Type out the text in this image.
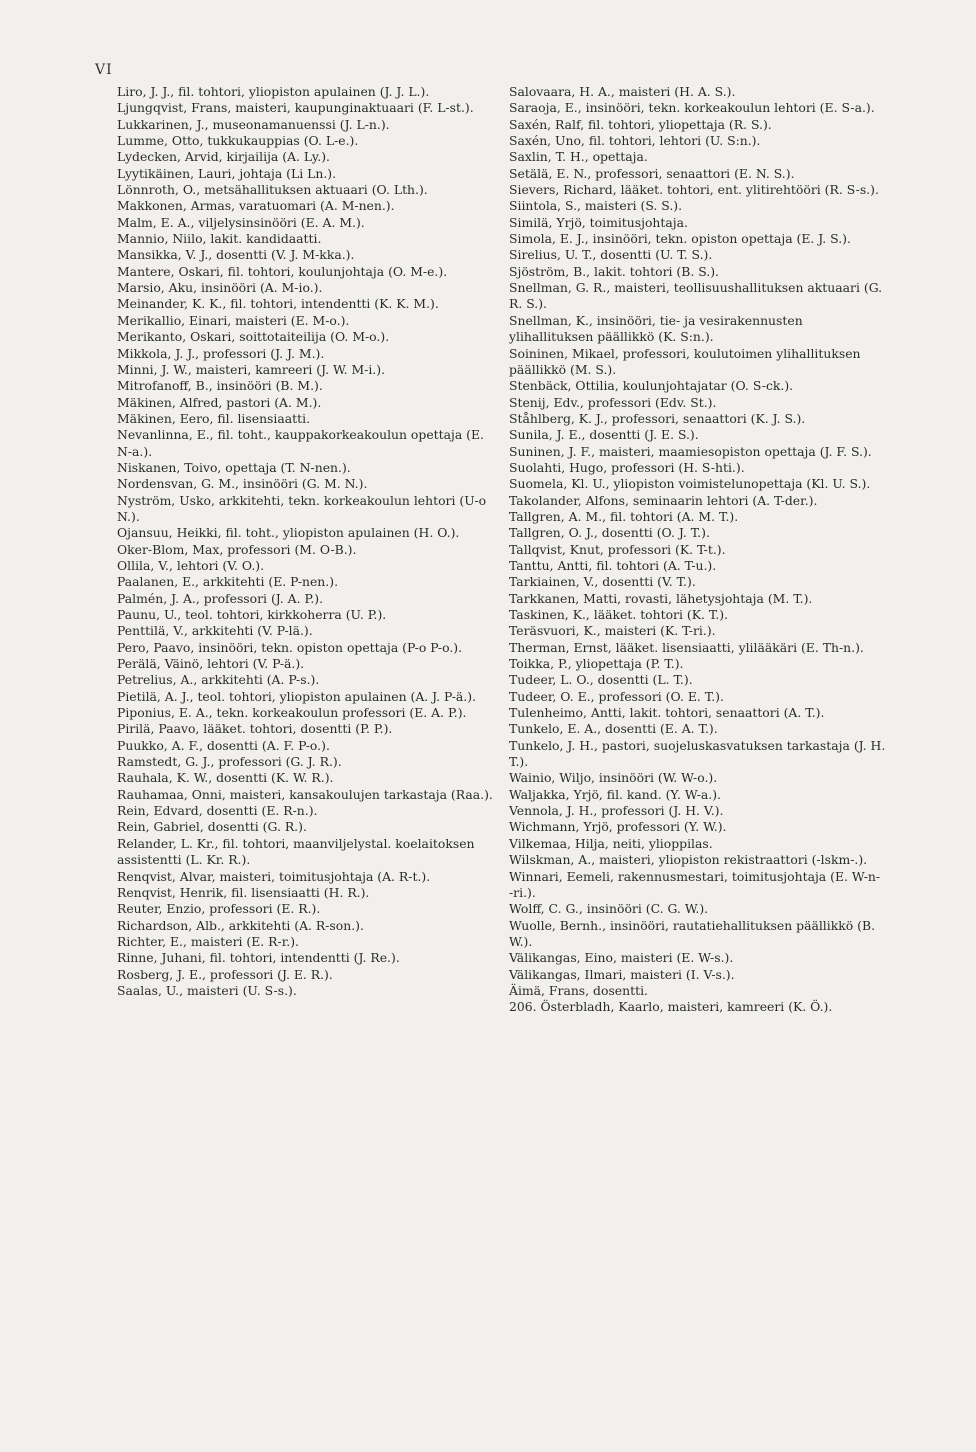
VI
Liro, J. J., fil. tohtori, yliopiston apulainen (J. J. L.).
Ljungqvist, Frans, maisteri, kaupunginaktuaari (F. L-st.).
Lukkarinen, J., museonamanuenssi (J. L-n.).
Lumme, Otto, tukkukauppias (O. L-e.).
Lydecken, Arvid, kirjailija (A. Ly.).
Lyytikäinen, Lauri, johtaja (Li Ln.).
Lönnroth, O., metsähallituksen aktuaari (O. Lth.).
Makkonen, Armas, varatuomari (A. M-nen.).
Malm, E. A., viljelysinsinööri (E. A. M.).
Mannio, Niilo, lakit. kandidaatti.
Mansikka, V. J., dosentti (V. J. M-kka.).
Mantere, Oskari, fil. tohtori, koulunjohtaja (O. M-e.).
Marsio, Aku, insinööri (A. M-io.).
Meinander, K. K., fil. tohtori, intendentti (K. K. M.).
Merikallio, Einari, maisteri (E. M-o.).
Merikanto, Oskari, soittotaiteilija (O. M-o.).
Mikkola, J. J., professori (J. J. M.).
Minni, J. W., maisteri, kamreeri (J. W. M-i.).
Mitrofanoff, B., insinööri (B. M.).
Mäkinen, Alfred, pastori (A. M.).
Mäkinen, Eero, fil. lisensiaatti.
Nevanlinna, E., fil. toht., kauppakorkeakoulun opettaja (E. N-a.).
Niskanen, Toivo, opettaja (T. N-nen.).
Nordensvan, G. M., insinööri (G. M. N.).
Nyström, Usko, arkkitehti, tekn. korkeakoulun lehtori (U-o N.).
Ojansuu, Heikki, fil. toht., yliopiston apulainen (H. O.).
Oker-Blom, Max, professori (M. O-B.).
Ollila, V., lehtori (V. O.).
Paalanen, E., arkkitehti (E. P-nen.).
Palmén, J. A., professori (J. A. P.).
Paunu, U., teol. tohtori, kirkkoherra (U. P.).
Penttilä, V., arkkitehti (V. P-lä.).
Pero, Paavo, insinööri, tekn. opiston opettaja (P-o P-o.).
Perälä, Väinö, lehtori (V. P-ä.).
Petrelius, A., arkkitehti (A. P-s.).
Pietilä, A. J., teol. tohtori, yliopiston apulainen (A. J. P-ä.).
Piponius, E. A., tekn. korkeakoulun professori (E. A. P.).
Pirilä, Paavo, lääket. tohtori, dosentti (P. P.).
Puukko, A. F., dosentti (A. F. P-o.).
Ramstedt, G. J., professori (G. J. R.).
Rauhala, K. W., dosentti (K. W. R.).
Rauhamaa, Onni, maisteri, kansakoulujen tarkastaja (Raa.).
Rein, Edvard, dosentti (E. R-n.).
Rein, Gabriel, dosentti (G. R.).
Relander, L. Kr., fil. tohtori, maanviljelystal. koelaitoksen assistentti (L. Kr. R.).
Renqvist, Alvar, maisteri, toimitusjohtaja (A. R-t.).
Renqvist, Henrik, fil. lisensiaatti (H. R.).
Reuter, Enzio, professori (E. R.).
Richardson, Alb., arkkitehti (A. R-son.).
Richter, E., maisteri (E. R-r.).
Rinne, Juhani, fil. tohtori, intendentti (J. Re.).
Rosberg, J. E., professori (J. E. R.).
Saalas, U., maisteri (U. S-s.).
Salovaara, H. A., maisteri (H. A. S.).
Saraoja, E., insinööri, tekn. korkeakoulun lehtori (E. S-a.).
Saxén, Ralf, fil. tohtori, yliopettaja (R. S.).
Saxén, Uno, fil. tohtori, lehtori (U. S:n.).
Saxlin, T. H., opettaja.
Setälä, E. N., professori, senaattori (E. N. S.).
Sievers, Richard, lääket. tohtori, ent. ylitirehtööri (R. S-s.).
Siintola, S., maisteri (S. S.).
Similä, Yrjö, toimitusjohtaja.
Simola, E. J., insinööri, tekn. opiston opettaja (E. J. S.).
Sirelius, U. T., dosentti (U. T. S.).
Sjöström, B., lakit. tohtori (B. S.).
Snellman, G. R., maisteri, teollisuushallituksen aktuaari (G. R. S.).
Snellman, K., insinööri, tie- ja vesirakennusten ylihallituksen päällikkö (K. S:n.).
Soininen, Mikael, professori, koulutoimen ylihallituksen päällikkö (M. S.).
Stenbäck, Ottilia, koulunjohtajatar (O. S-ck.).
Stenij, Edv., professori (Edv. St.).
Ståhlberg, K. J., professori, senaattori (K. J. S.).
Sunila, J. E., dosentti (J. E. S.).
Suninen, J. F., maisteri, maamiesopiston opettaja (J. F. S.).
Suolahti, Hugo, professori (H. S-hti.).
Suomela, Kl. U., yliopiston voimistelunopettaja (Kl. U. S.).
Takolander, Alfons, seminaarin lehtori (A. T-der.).
Tallgren, A. M., fil. tohtori (A. M. T.).
Tallgren, O. J., dosentti (O. J. T.).
Tallqvist, Knut, professori (K. T-t.).
Tanttu, Antti, fil. tohtori (A. T-u.).
Tarkiainen, V., dosentti (V. T.).
Tarkkanen, Matti, rovasti, lähetysjohtaja (M. T.).
Taskinen, K., lääket. tohtori (K. T.).
Teräsvuori, K., maisteri (K. T-ri.).
Therman, Ernst, lääket. lisensiaatti, ylilääkäri (E. Th-n.).
Toikka, P., yliopettaja (P. T.).
Tudeer, L. O., dosentti (L. T.).
Tudeer, O. E., professori (O. E. T.).
Tulenheimo, Antti, lakit. tohtori, senaattori (A. T.).
Tunkelo, E. A., dosentti (E. A. T.).
Tunkelo, J. H., pastori, suojeluskasvatuksen tarkastaja (J. H. T.).
Wainio, Wiljo, insinööri (W. W-o.).
Waljakka, Yrjö, fil. kand. (Y. W-a.).
Vennola, J. H., professori (J. H. V.).
Wichmann, Yrjö, professori (Y. W.).
Vilkemaa, Hilja, neiti, ylioppilas.
Wilskman, A., maisteri, yliopiston rekistraattori (-lskm-.).
Winnari, Eemeli, rakennusmestari, toimitusjohtaja (E. W-n- -ri.).
Wolff, C. G., insinööri (C. G. W.).
Wuolle, Bernh., insinööri, rautatiehallituksen päällikkö (B. W.).
Välikangas, Eino, maisteri (E. W-s.).
Välikangas, Ilmari, maisteri (I. V-s.).
Äimä, Frans, dosentti.
206. Österbladh, Kaarlo, maisteri, kamreeri (K. Ö.).
